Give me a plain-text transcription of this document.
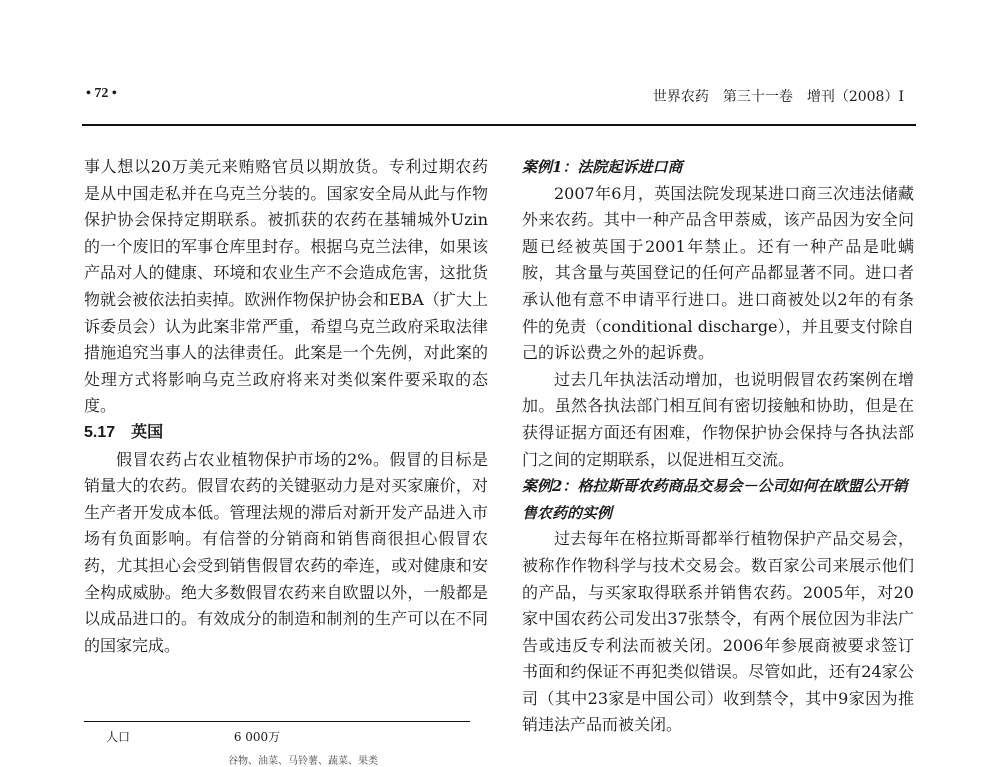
• 72 •	世界农药　第三十一卷　增刊（2008）I

事人想以20万美元来贿赂官员以期放货。专利过期农药是从中国走私并在乌克兰分装的。国家安全局从此与作物保护协会保持定期联系。被抓获的农药在基辅城外Uzin的一个废旧的军事仓库里封存。根据乌克兰法律，如果该产品对人的健康、环境和农业生产不会造成危害，这批货物就会被依法拍卖掉。欧洲作物保护协会和EBA（扩大上诉委员会）认为此案非常严重，希望乌克兰政府采取法律措施追究当事人的法律责任。此案是一个先例，对此案的处理方式将影响乌克兰政府将来对类似案件要采取的态度。

5.17　英国

假冒农药占农业植物保护市场的2%。假冒的目标是销量大的农药。假冒农药的关键驱动力是对买家廉价，对生产者开发成本低。管理法规的滞后对新开发产品进入市场有负面影响。有信誉的分销商和销售商很担心假冒农药，尤其担心会受到销售假冒农药的牵连，或对健康和安全构成威胁。绝大多数假冒农药来自欧盟以外，一般都是以成品进口的。有效成分的制造和制剂的生产可以在不同的国家完成。

人口	6 000万
谷物、油菜、马铃薯、蔬菜、果类
案例1：法院起诉进口商

2007年6月，英国法院发现某进口商三次违法储藏外来农药。其中一种产品含甲萘威，该产品因为安全问题已经被英国于2001年禁止。还有一种产品是吡螨胺，其含量与英国登记的任何产品都显著不同。进口者承认他有意不申请平行进口。进口商被处以2年的有条件的免责（conditional discharge），并且要支付除自己的诉讼费之外的起诉费。

过去几年执法活动增加，也说明假冒农药案例在增加。虽然各执法部门相互间有密切接触和协助，但是在获得证据方面还有困难，作物保护协会保持与各执法部门之间的定期联系，以促进相互交流。

案例2：格拉斯哥农药商品交易会－公司如何在欧盟公开销售农药的实例

过去每年在格拉斯哥都举行植物保护产品交易会，被称作作物科学与技术交易会。数百家公司来展示他们的产品，与买家取得联系并销售农药。2005年，对20家中国农药公司发出37张禁令，有两个展位因为非法广告或违反专利法而被关闭。2006年参展商被要求签订书面和约保证不再犯类似错误。尽管如此，还有24家公司（其中23家是中国公司）收到禁令，其中9家因为推销违法产品而被关闭。
